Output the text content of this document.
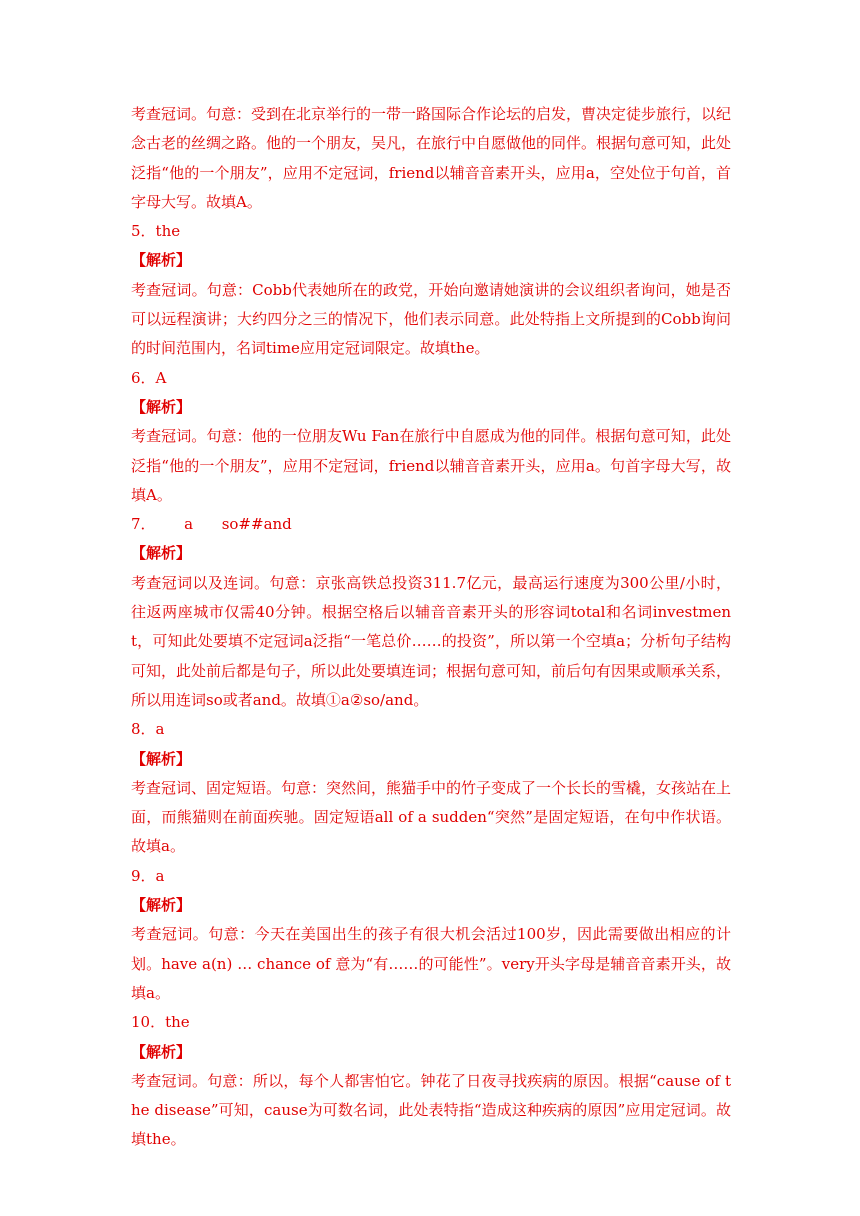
考查冠词。句意：受到在北京举行的一带一路国际合作论坛的启发，曹决定徒步旅行，以纪念古老的丝绸之路。他的一个朋友，吴凡，在旅行中自愿做他的同伴。根据句意可知，此处泛指“他的一个朋友”，应用不定冠词，friend以辅音音素开头，应用a，空处位于句首，首字母大写。故填A。

5．the

【解析】

考查冠词。句意：Cobb代表她所在的政党，开始向邀请她演讲的会议组织者询问，她是否可以远程演讲；大约四分之三的情况下，他们表示同意。此处特指上文所提到的Cobb询问的时间范围内，名词time应用定冠词限定。故填the。

6．A

【解析】

考查冠词。句意：他的一位朋友Wu Fan在旅行中自愿成为他的同伴。根据句意可知，此处泛指“他的一个朋友”，应用不定冠词，friend以辅音音素开头，应用a。句首字母大写，故填A。

7．      a      so##and

【解析】

考查冠词以及连词。句意：京张高铁总投资311.7亿元，最高运行速度为300公里/小时，往返两座城市仅需40分钟。根据空格后以辅音音素开头的形容词total和名词investment，可知此处要填不定冠词a泛指“一笔总价……的投资”，所以第一个空填a；分析句子结构可知，此处前后都是句子，所以此处要填连词；根据句意可知，前后句有因果或顺承关系，所以用连词so或者and。故填①a②so/and。

8．a

【解析】

考查冠词、固定短语。句意：突然间，熊猫手中的竹子变成了一个长长的雪橇，女孩站在上面，而熊猫则在前面疾驰。固定短语all of a sudden“突然”是固定短语，在句中作状语。故填a。

9．a

【解析】

考查冠词。句意：今天在美国出生的孩子有很大机会活过100岁，因此需要做出相应的计划。have a(n) … chance of 意为“有……的可能性”。very开头字母是辅音音素开头，故填a。

10．the

【解析】

考查冠词。句意：所以，每个人都害怕它。钟花了日夜寻找疾病的原因。根据“cause of the disease”可知，cause为可数名词，此处表特指“造成这种疾病的原因”应用定冠词。故填the。
